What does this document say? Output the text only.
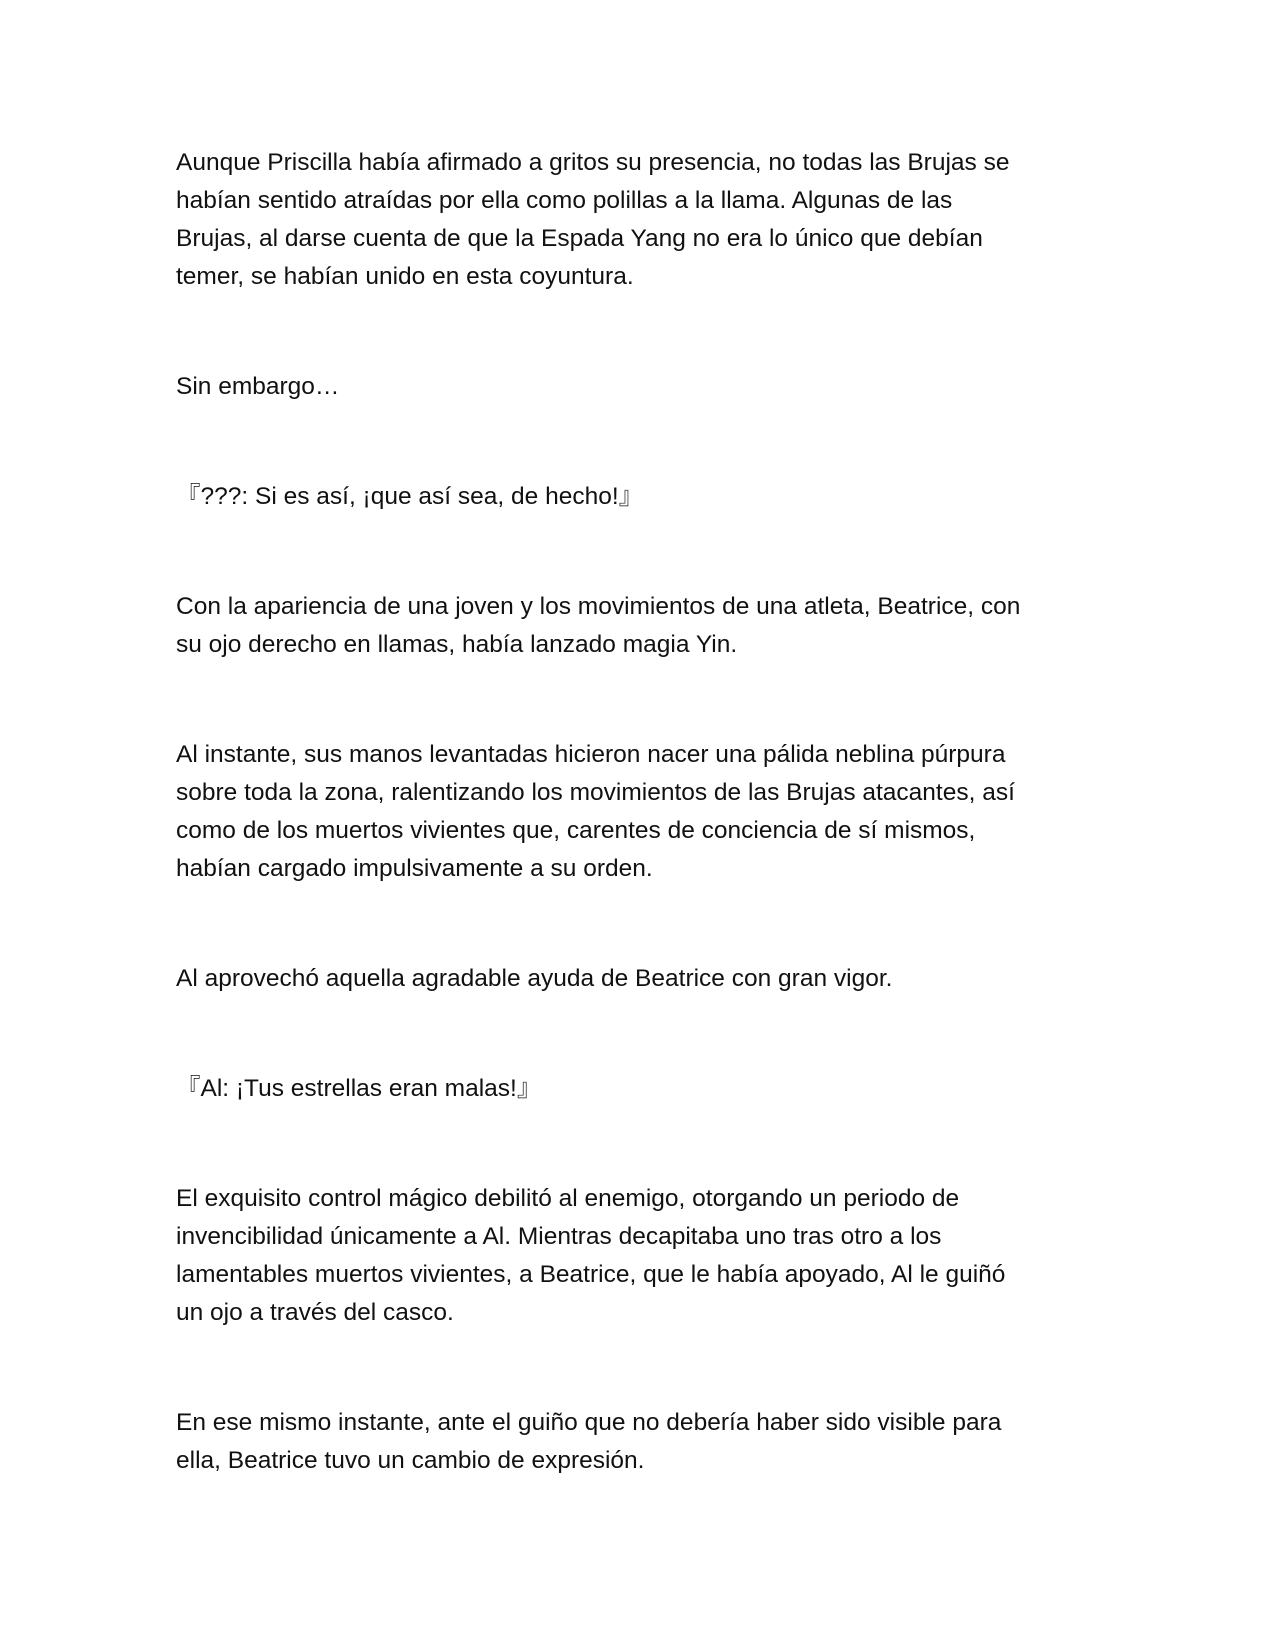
Aunque Priscilla había afirmado a gritos su presencia, no todas las Brujas se
habían sentido atraídas por ella como polillas a la llama. Algunas de las
Brujas, al darse cuenta de que la Espada Yang no era lo único que debían
temer, se habían unido en esta coyuntura.

Sin embargo…

『???: Si es así, ¡que así sea, de hecho!』

Con la apariencia de una joven y los movimientos de una atleta, Beatrice, con
su ojo derecho en llamas, había lanzado magia Yin.

Al instante, sus manos levantadas hicieron nacer una pálida neblina púrpura
sobre toda la zona, ralentizando los movimientos de las Brujas atacantes, así
como de los muertos vivientes que, carentes de conciencia de sí mismos,
habían cargado impulsivamente a su orden.

Al aprovechó aquella agradable ayuda de Beatrice con gran vigor.

『Al: ¡Tus estrellas eran malas!』

El exquisito control mágico debilitó al enemigo, otorgando un periodo de
invencibilidad únicamente a Al. Mientras decapitaba uno tras otro a los
lamentables muertos vivientes, a Beatrice, que le había apoyado, Al le guiñó
un ojo a través del casco.

En ese mismo instante, ante el guiño que no debería haber sido visible para
ella, Beatrice tuvo un cambio de expresión.
